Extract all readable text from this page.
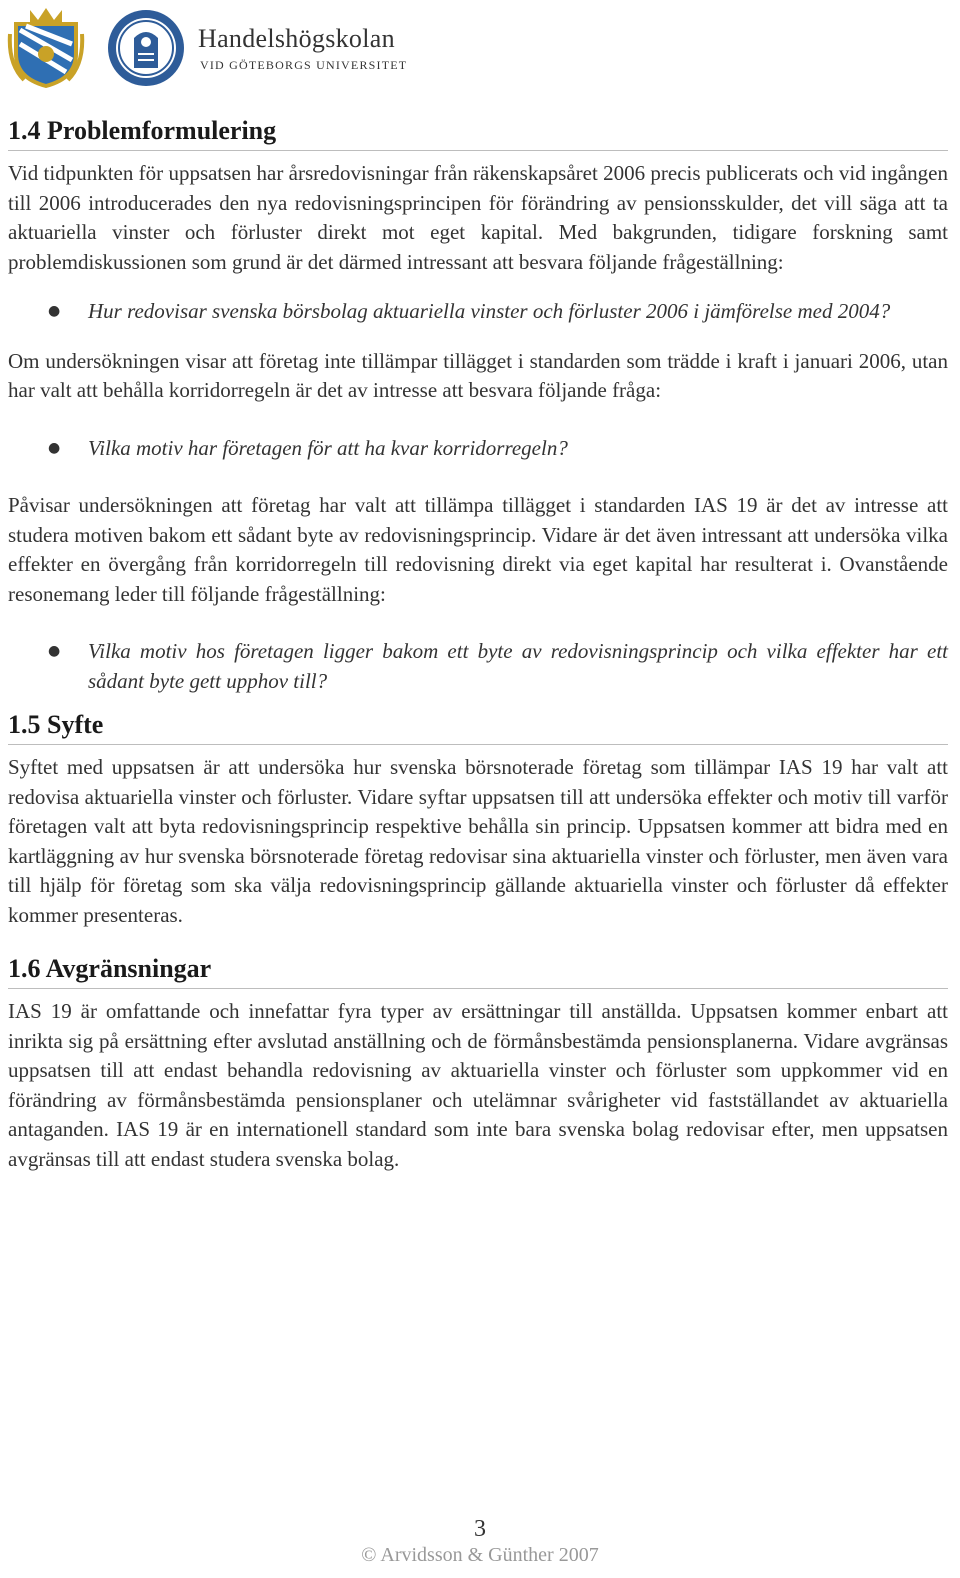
Handelshögskolan
VID GÖTEBORGS UNIVERSITET
1.4 Problemformulering

Vid tidpunkten för uppsatsen har årsredovisningar från räkenskapsåret 2006 precis publicerats och vid ingången till 2006 introducerades den nya redovisningsprincipen för förändring av pensionsskulder, det vill säga att ta aktuariella vinster och förluster direkt mot eget kapital. Med bakgrunden, tidigare forskning samt problemdiskussionen som grund är det därmed intressant att besvara följande frågeställning:

● Hur redovisar svenska börsbolag aktuariella vinster och förluster 2006 i jämförelse med 2004?

Om undersökningen visar att företag inte tillämpar tillägget i standarden som trädde i kraft i januari 2006, utan har valt att behålla korridorregeln är det av intresse att besvara följande fråga:

● Vilka motiv har företagen för att ha kvar korridorregeln?

Påvisar undersökningen att företag har valt att tillämpa tillägget i standarden IAS 19 är det av intresse att studera motiven bakom ett sådant byte av redovisningsprincip. Vidare är det även intressant att undersöka vilka effekter en övergång från korridorregeln till redovisning direkt via eget kapital har resulterat i. Ovanstående resonemang leder till följande frågeställning:

● Vilka motiv hos företagen ligger bakom ett byte av redovisningsprincip och vilka effekter har ett sådant byte gett upphov till?
1.5 Syfte

Syftet med uppsatsen är att undersöka hur svenska börsnoterade företag som tillämpar IAS 19 har valt att redovisa aktuariella vinster och förluster. Vidare syftar uppsatsen till att undersöka effekter och motiv till varför företagen valt att byta redovisningsprincip respektive behålla sin princip. Uppsatsen kommer att bidra med en kartläggning av hur svenska börsnoterade företag redovisar sina aktuariella vinster och förluster, men även vara till hjälp för företag som ska välja redovisningsprincip gällande aktuariella vinster och förluster då effekter kommer presenteras.

1.6 Avgränsningar

IAS 19 är omfattande och innefattar fyra typer av ersättningar till anställda. Uppsatsen kommer enbart att inrikta sig på ersättning efter avslutad anställning och de förmånsbestämda pensionsplanerna. Vidare avgränsas uppsatsen till att endast behandla redovisning av aktuariella vinster och förluster som uppkommer vid en förändring av förmånsbestämda pensionsplaner och utelämnar svårigheter vid fastställandet av aktuariella antaganden. IAS 19 är en internationell standard som inte bara svenska bolag redovisar efter, men uppsatsen avgränsas till att endast studera svenska bolag.

3
© Arvidsson & Günther 2007
